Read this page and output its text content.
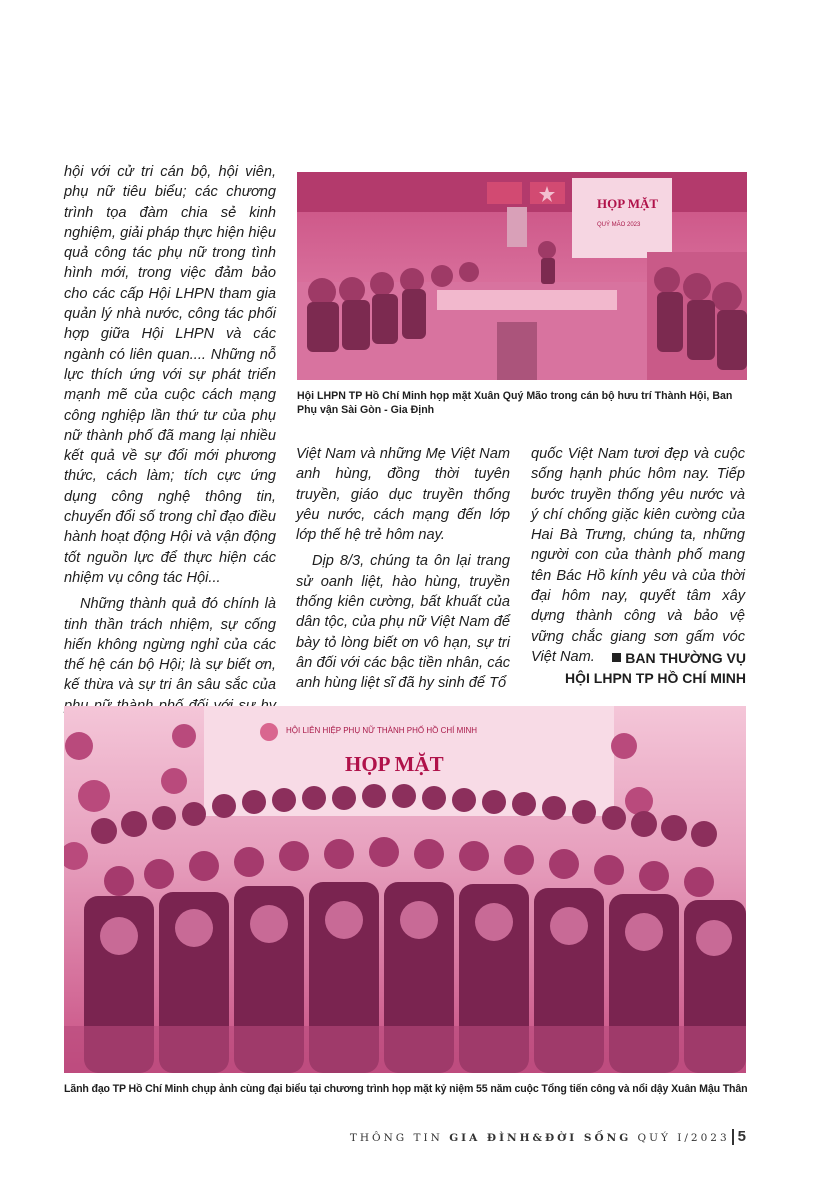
hội với cử tri cán bộ, hội viên, phụ nữ tiêu biểu; các chương trình tọa đàm chia sẻ kinh nghiệm, giải pháp thực hiện hiệu quả công tác phụ nữ trong tình hình mới, trong việc đảm bảo cho các cấp Hội LHPN tham gia quản lý nhà nước, công tác phối hợp giữa Hội LHPN và các ngành có liên quan.... Những nỗ lực thích ứng với sự phát triển mạnh mẽ của cuộc cách mạng công nghiệp lần thứ tư của phụ nữ thành phố đã mang lại nhiều kết quả về sự đổi mới phương thức, cách làm; tích cực ứng dụng công nghệ thông tin, chuyển đổi số trong chỉ đạo điều hành hoạt động Hội và vận động tốt nguồn lực để thực hiện các nhiệm vụ công tác Hội...

Những thành quả đó chính là tinh thần trách nhiệm, sự cống hiến không ngừng nghỉ của các thế hệ cán bộ Hội; là sự biết ơn, kế thừa và sự tri ân sâu sắc của

HỌP MẶT
QUÝ MÃO 2023
Hội LHPN TP Hồ Chí Minh họp mặt Xuân Quý Mão trong cán bộ hưu trí Thành Hội, Ban Phụ vận Sài Gòn - Gia Định

Việt Nam và những Mẹ Việt Nam anh hùng, đồng thời tuyên truyền, giáo dục truyền thống yêu nước, cách mạng đến lớp lớp thế hệ trẻ hôm nay.

Dịp 8/3, chúng ta ôn lại trang sử oanh liệt, hào hùng, truyền thống kiên cường, bất khuất của dân tộc, của phụ nữ Việt Nam để bày tỏ lòng biết ơn vô hạn, sự tri ân đối với các bậc tiền nhân, các anh hùng liệt sĩ đã hy sinh để Tổ

quốc Việt Nam tươi đẹp và cuộc sống hạnh phúc hôm nay. Tiếp bước truyền thống yêu nước và ý chí chống giặc kiên cường của Hai Bà Trưng, chúng ta, những người con của thành phố mang tên Bác Hồ kính yêu và của thời đại hôm nay, quyết tâm xây dựng thành công và bảo vệ vững chắc giang sơn gấm vóc Việt Nam.	BAN THƯỜNG VỤ
HỘI LHPN TP HỒ CHÍ MINH
HỘI LIÊN HIỆP PHỤ NỮ THÀNH PHỐ HỒ CHÍ MINH
HỌP MẶT
Lãnh đạo TP Hồ Chí Minh chụp ảnh cùng đại biểu tại chương trình họp mặt kỷ niệm 55 năm cuộc Tổng tiến công và nổi dậy Xuân Mậu Thân
THÔNG TIN GIA ĐÌNH&ĐỜI SỐNG QUÝ I/2023 5
